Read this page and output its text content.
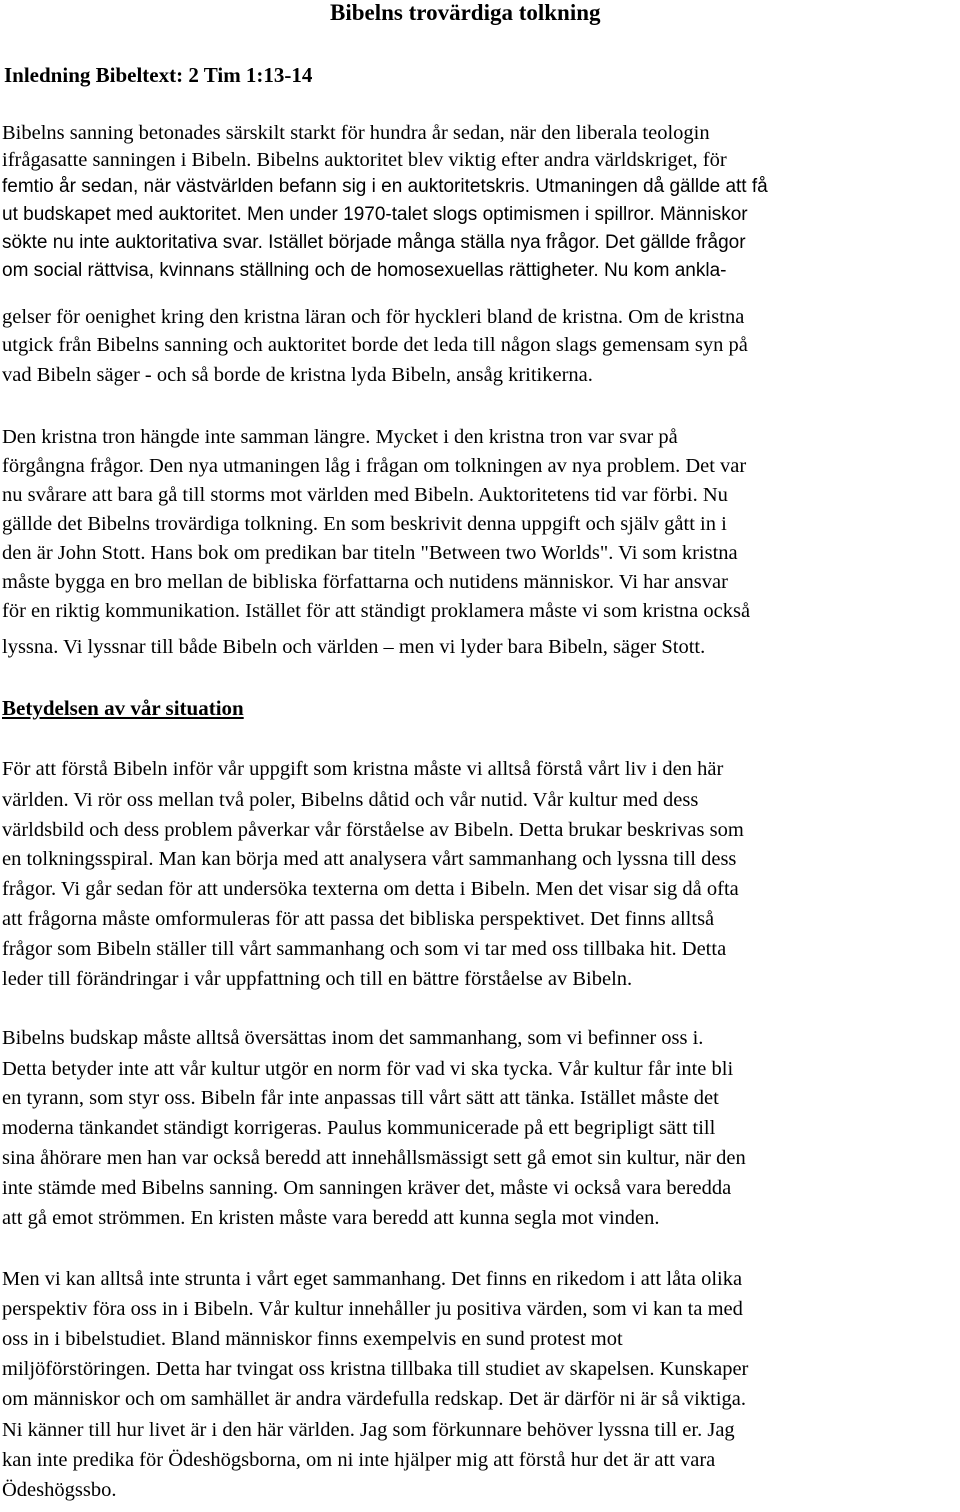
Bibelns trovärdiga tolkning
Inledning Bibeltext: 2 Tim 1:13-14
Bibelns sanning betonades särskilt starkt för hundra år sedan, när den liberala teologin
ifrågasatte sanningen i Bibeln. Bibelns auktoritet blev viktig efter andra världskriget, för
femtio år sedan, när västvärlden befann sig i en auktoritetskris. Utmaningen då gällde att få
ut budskapet med auktoritet. Men under 1970-talet slogs optimismen i spillror. Människor
sökte nu inte auktoritativa svar. Istället började många ställa nya frågor. Det gällde frågor
om social rättvisa, kvinnans ställning och de homosexuellas rättigheter. Nu kom ankla-
gelser för oenighet kring den kristna läran och för hyckleri bland de kristna. Om de kristna
utgick från Bibelns sanning och auktoritet borde det leda till någon slags gemensam syn på
vad Bibeln säger - och så borde de kristna lyda Bibeln, ansåg kritikerna.
Den kristna tron hängde inte samman längre. Mycket i den kristna tron var svar på
förgångna frågor. Den nya utmaningen låg i frågan om tolkningen av nya problem. Det var
nu svårare att bara gå till storms mot världen med Bibeln. Auktoritetens tid var förbi. Nu
gällde det Bibelns trovärdiga tolkning. En som beskrivit denna uppgift och själv gått in i
den är John Stott. Hans bok om predikan bar titeln "Between two Worlds". Vi som kristna
måste bygga en bro mellan de bibliska författarna och nutidens människor. Vi har ansvar
för en riktig kommunikation. Istället för att ständigt proklamera måste vi som kristna också
lyssna. Vi lyssnar till både Bibeln och världen – men vi lyder bara Bibeln, säger Stott.
Betydelsen av vår situation
För att förstå Bibeln inför vår uppgift som kristna måste vi alltså förstå vårt liv i den här
världen. Vi rör oss mellan två poler, Bibelns dåtid och vår nutid. Vår kultur med dess
världsbild och dess problem påverkar vår förståelse av Bibeln. Detta brukar beskrivas som
en tolkningsspiral. Man kan börja med att analysera vårt sammanhang och lyssna till dess
frågor. Vi går sedan för att undersöka texterna om detta i Bibeln. Men det visar sig då ofta
att frågorna måste omformuleras för att passa det bibliska perspektivet. Det finns alltså
frågor som Bibeln ställer till vårt sammanhang och som vi tar med oss tillbaka hit. Detta
leder till förändringar i vår uppfattning och till en bättre förståelse av Bibeln.
Bibelns budskap måste alltså översättas inom det sammanhang, som vi befinner oss i.
Detta betyder inte att vår kultur utgör en norm för vad vi ska tycka. Vår kultur får inte bli
en tyrann, som styr oss. Bibeln får inte anpassas till vårt sätt att tänka. Istället måste det
moderna tänkandet ständigt korrigeras. Paulus kommunicerade på ett begripligt sätt till
sina åhörare men han var också beredd att innehållsmässigt sett gå emot sin kultur, när den
inte stämde med Bibelns sanning. Om sanningen kräver det, måste vi också vara beredda
att gå emot strömmen. En kristen måste vara beredd att kunna segla mot vinden.
Men vi kan alltså inte strunta i vårt eget sammanhang. Det finns en rikedom i att låta olika
perspektiv föra oss in i Bibeln. Vår kultur innehåller ju positiva värden, som vi kan ta med
oss in i bibelstudiet. Bland människor finns exempelvis en sund protest mot
miljöförstöringen. Detta har tvingat oss kristna tillbaka till studiet av skapelsen. Kunskaper
om människor och om samhället är andra värdefulla redskap. Det är därför ni är så viktiga.
Ni känner till hur livet är i den här världen. Jag som förkunnare behöver lyssna till er. Jag
kan inte predika för Ödeshögsborna, om ni inte hjälper mig att förstå hur det är att vara
Ödeshögssbo.
